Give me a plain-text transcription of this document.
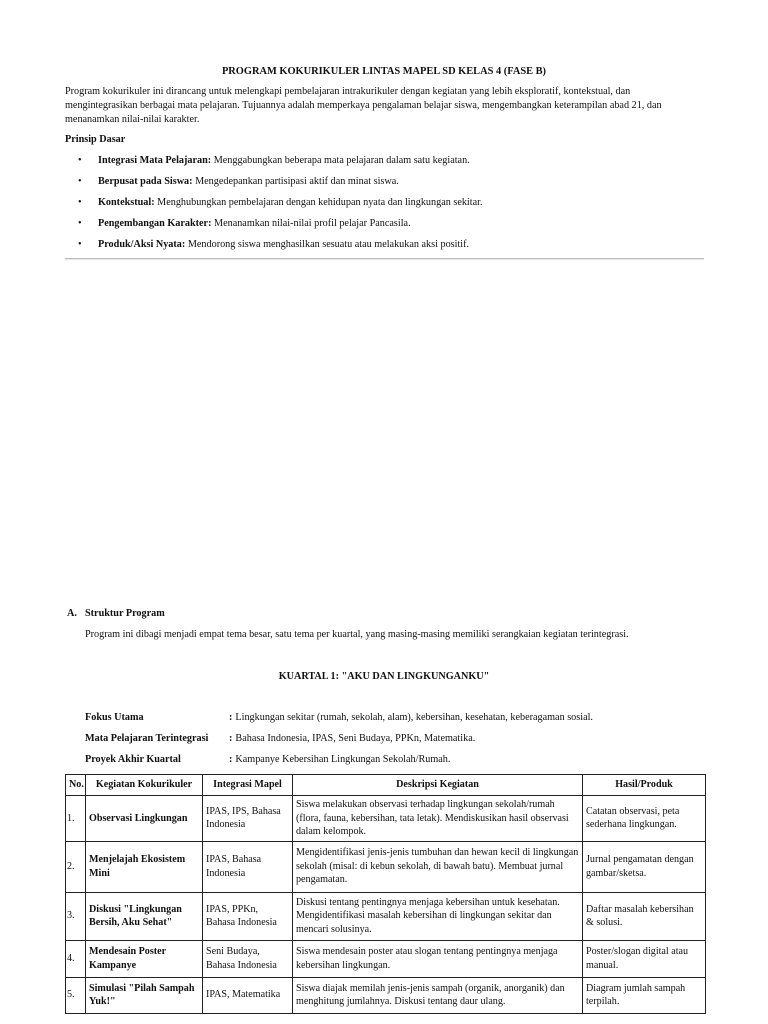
PROGRAM KOKURIKULER LINTAS MAPEL SD KELAS 4 (FASE B)

Program kokurikuler ini dirancang untuk melengkapi pembelajaran intrakurikuler dengan kegiatan yang lebih eksploratif, kontekstual, dan mengintegrasikan berbagai mata pelajaran. Tujuannya adalah memperkaya pengalaman belajar siswa, mengembangkan keterampilan abad 21, dan menanamkan nilai-nilai karakter.

Prinsip Dasar

• Integrasi Mata Pelajaran: Menggabungkan beberapa mata pelajaran dalam satu kegiatan.
• Berpusat pada Siswa: Mengedepankan partisipasi aktif dan minat siswa.
• Kontekstual: Menghubungkan pembelajaran dengan kehidupan nyata dan lingkungan sekitar.
• Pengembangan Karakter: Menanamkan nilai-nilai profil pelajar Pancasila.
• Produk/Aksi Nyata: Mendorong siswa menghasilkan sesuatu atau melakukan aksi positif.

A. Struktur Program

Program ini dibagi menjadi empat tema besar, satu tema per kuartal, yang masing-masing memiliki serangkaian kegiatan terintegrasi.

KUARTAL 1: "AKU DAN LINGKUNGANKU"
Fokus Utama	: Lingkungan sekitar (rumah, sekolah, alam), kebersihan, kesehatan, keberagaman sosial.
Mata Pelajaran Terintegrasi : Bahasa Indonesia, IPAS, Seni Budaya, PPKn, Matematika.
Proyek Akhir Kuartal	: Kampanye Kebersihan Lingkungan Sekolah/Rumah.
No.	Kegiatan Kokurikuler	Integrasi Mapel	Deskripsi Kegiatan	Hasil/Produk
1.	Observasi Lingkungan	IPAS, IPS, Bahasa Indonesia	Siswa melakukan observasi terhadap lingkungan sekolah/rumah (flora, fauna, kebersihan, tata letak). Mendiskusikan hasil observasi dalam kelompok.	Catatan observasi, peta sederhana lingkungan.
2.	Menjelajah Ekosistem Mini	IPAS, Bahasa Indonesia	Mengidentifikasi jenis-jenis tumbuhan dan hewan kecil di lingkungan sekolah (misal: di kebun sekolah, di bawah batu). Membuat jurnal pengamatan.	Jurnal pengamatan dengan gambar/sketsa.
3.	Diskusi "Lingkungan Bersih, Aku Sehat"	IPAS, PPKn, Bahasa Indonesia	Diskusi tentang pentingnya menjaga kebersihan untuk kesehatan. Mengidentifikasi masalah kebersihan di lingkungan sekitar dan mencari solusinya.	Daftar masalah kebersihan & solusi.
4.	Mendesain Poster Kampanye	Seni Budaya, Bahasa Indonesia	Siswa mendesain poster atau slogan tentang pentingnya menjaga kebersihan lingkungan.	Poster/slogan digital atau manual.
5.	Simulasi "Pilah Sampah Yuk!"	IPAS, Matematika	Siswa diajak memilah jenis-jenis sampah (organik, anorganik) dan menghitung jumlahnya. Diskusi tentang daur ulang.	Diagram jumlah sampah terpilah.
